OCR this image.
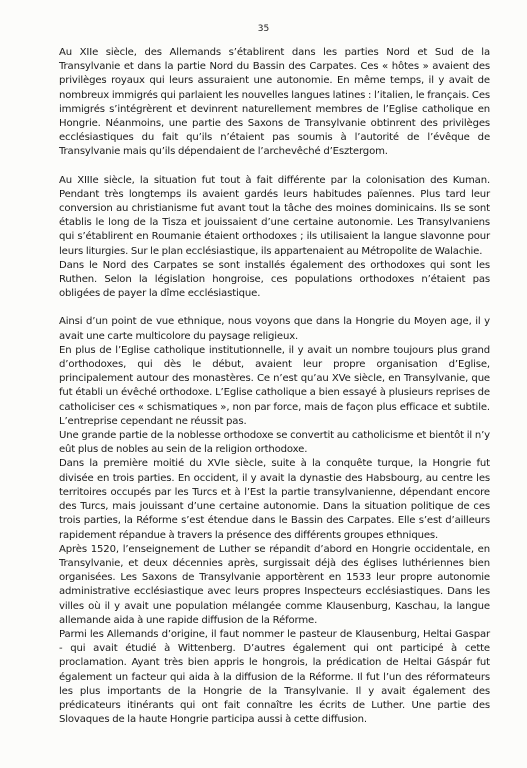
35

Au XIIe siècle, des Allemands s’établirent dans les parties Nord et Sud de la Transylvanie et dans la partie Nord du Bassin des Carpates. Ces « hôtes » avaient des privilèges royaux qui leurs assuraient une autonomie. En même temps, il y avait de nombreux immigrés qui parlaient les nouvelles langues latines : l’italien, le français. Ces immigrés s’intégrèrent et devinrent naturellement membres de l’Eglise catholique en Hongrie. Néanmoins, une partie des Saxons de Transylvanie obtinrent des privilèges ecclésiastiques du fait qu’ils n’étaient pas soumis à l’autorité de l’évêque de Transylvanie mais qu’ils dépendaient de l’archevêché d’Esztergom.

Au XIIIe siècle, la situation fut tout à fait différente par la colonisation des Kuman. Pendant très longtemps ils avaient gardés leurs habitudes païennes. Plus tard leur conversion au christianisme fut avant tout la tâche des moines dominicains. Ils se sont établis le long de la Tisza et jouissaient d’une certaine autonomie. Les Transylvaniens qui s’établirent en Roumanie étaient orthodoxes ; ils utilisaient la langue slavonne pour leurs liturgies. Sur le plan ecclésiastique, ils appartenaient au Métropolite de Walachie.

Dans le Nord des Carpates se sont installés également des orthodoxes qui sont les Ruthen. Selon la législation hongroise, ces populations orthodoxes n’étaient pas obligées de payer la dîme ecclésiastique.

Ainsi d’un point de vue ethnique, nous voyons que dans la Hongrie du Moyen age, il y avait une carte multicolore du paysage religieux.

En plus de l’Eglise catholique institutionnelle, il y avait un nombre toujours plus grand d’orthodoxes, qui dès le début, avaient leur propre organisation d’Eglise, principalement autour des monastères. Ce n’est qu’au XVe siècle, en Transylvanie, que fut établi un évêché orthodoxe. L’Eglise catholique a bien essayé à plusieurs reprises de catholiciser ces « schismatiques », non par force, mais de façon plus efficace et subtile. L’entreprise cependant ne réussit pas.

Une grande partie de la noblesse orthodoxe se convertit au catholicisme et bientôt il n’y eût plus de nobles au sein de la religion orthodoxe.

Dans la première moitié du XVIe siècle, suite à la conquête turque, la Hongrie fut divisée en trois parties. En occident, il y avait la dynastie des Habsbourg, au centre les territoires occupés par les Turcs et à l’Est la partie transylvanienne, dépendant encore des Turcs, mais jouissant d’une certaine autonomie. Dans la situation politique de ces trois parties, la Réforme s’est étendue dans le Bassin des Carpates. Elle s’est d’ailleurs rapidement répandue à travers la présence des différents groupes ethniques.

Après 1520, l’enseignement de Luther se répandit d’abord en Hongrie occidentale, en Transylvanie, et deux décennies après, surgissait déjà des églises luthériennes bien organisées. Les Saxons de Transylvanie apportèrent en 1533 leur propre autonomie administrative ecclésiastique avec leurs propres Inspecteurs ecclésiastiques. Dans les villes où il y avait une population mélangée comme Klausenburg, Kaschau, la langue allemande aida à une rapide diffusion de la Réforme.

Parmi les Allemands d’origine, il faut nommer le pasteur de Klausenburg, Heltai Gaspar - qui avait étudié à Wittenberg. D’autres également qui ont participé à cette proclamation. Ayant très bien appris le hongrois, la prédication de Heltai Gáspár fut également un facteur qui aida à la diffusion de la Réforme. Il fut l’un des réformateurs les plus importants de la Hongrie de la Transylvanie. Il y avait également des prédicateurs itinérants qui ont fait connaître les écrits de Luther. Une partie des Slovaques de la haute Hongrie participa aussi à cette diffusion.
